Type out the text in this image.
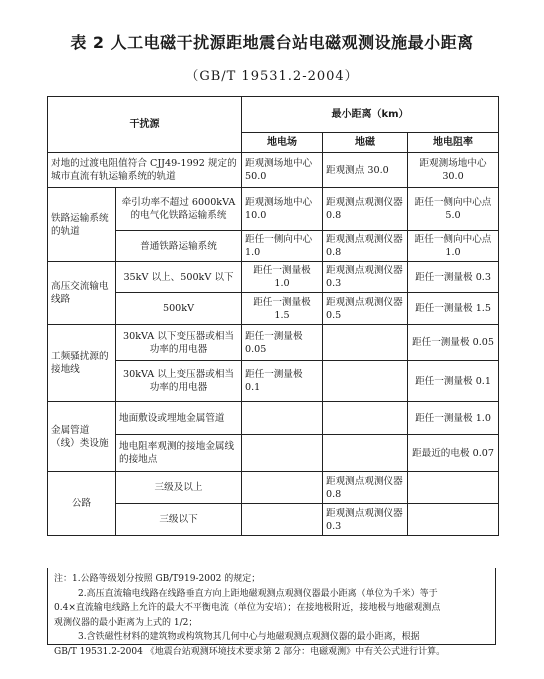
表 2 人工电磁干扰源距地震台站电磁观测设施最小距离
（GB/T 19531.2-2004）
干扰源		最小距离（km）		
		地电场	地磁	地电阻率
对地的过渡电阻值符合 CJJ49-1992 规定的城市直流有轨运输系统的轨道		距观测场地中心 50.0	距观测点 30.0	距观测场地中心 30.0
铁路运输系统的轨道	牵引功率不超过 6000kVA 的电气化铁路运输系统	距观测场地中心 10.0	距观测点观测仪器 0.8	距任一侧向中心点 5.0
	普通铁路运输系统	距任一侧向中心 1.0	距观测点观测仪器 0.8	距任一侧向中心点 1.0
高压交流输电线路	35kV 以上、500kV 以下	距任一测量极 1.0	距观测点观测仪器 0.3	距任一测量极 0.3
	500kV	距任一测量极 1.5	距观测点观测仪器 0.5	距任一测量极 1.5
工频骚扰源的接地线	30kVA 以下变压器或相当功率的用电器	距任一测量极 0.05		距任一测量极 0.05
	30kVA 以上变压器或相当功率的用电器	距任一测量极 0.1		距任一测量极 0.1
金属管道（线）类设施	地面敷设或埋地金属管道			距任一测量极 1.0
	地电阻率观测的接地金属线的接地点			距最近的电极 0.07
公路	三级及以上		距观测点观测仪器 0.8	
	三级以下		距观测点观测仪器 0.3	
注：1.公路等级划分按照 GB/T919-2002 的规定；
2.高压直流输电线路在线路垂直方向上距地磁观测点观测仪器最小距离（单位为千米）等于
0.4×直流输电线路上允许的最大不平衡电流（单位为安培）；在接地极附近，接地极与地磁观测点
观测仪器的最小距离为上式的 1/2；
3.含铁磁性材料的建筑物或构筑物其几何中心与地磁观测点观测仪器的最小距离，根据
GB/T 19531.2-2004 《地震台站观测环境技术要求第 2 部分：电磁观测》中有关公式进行计算。
